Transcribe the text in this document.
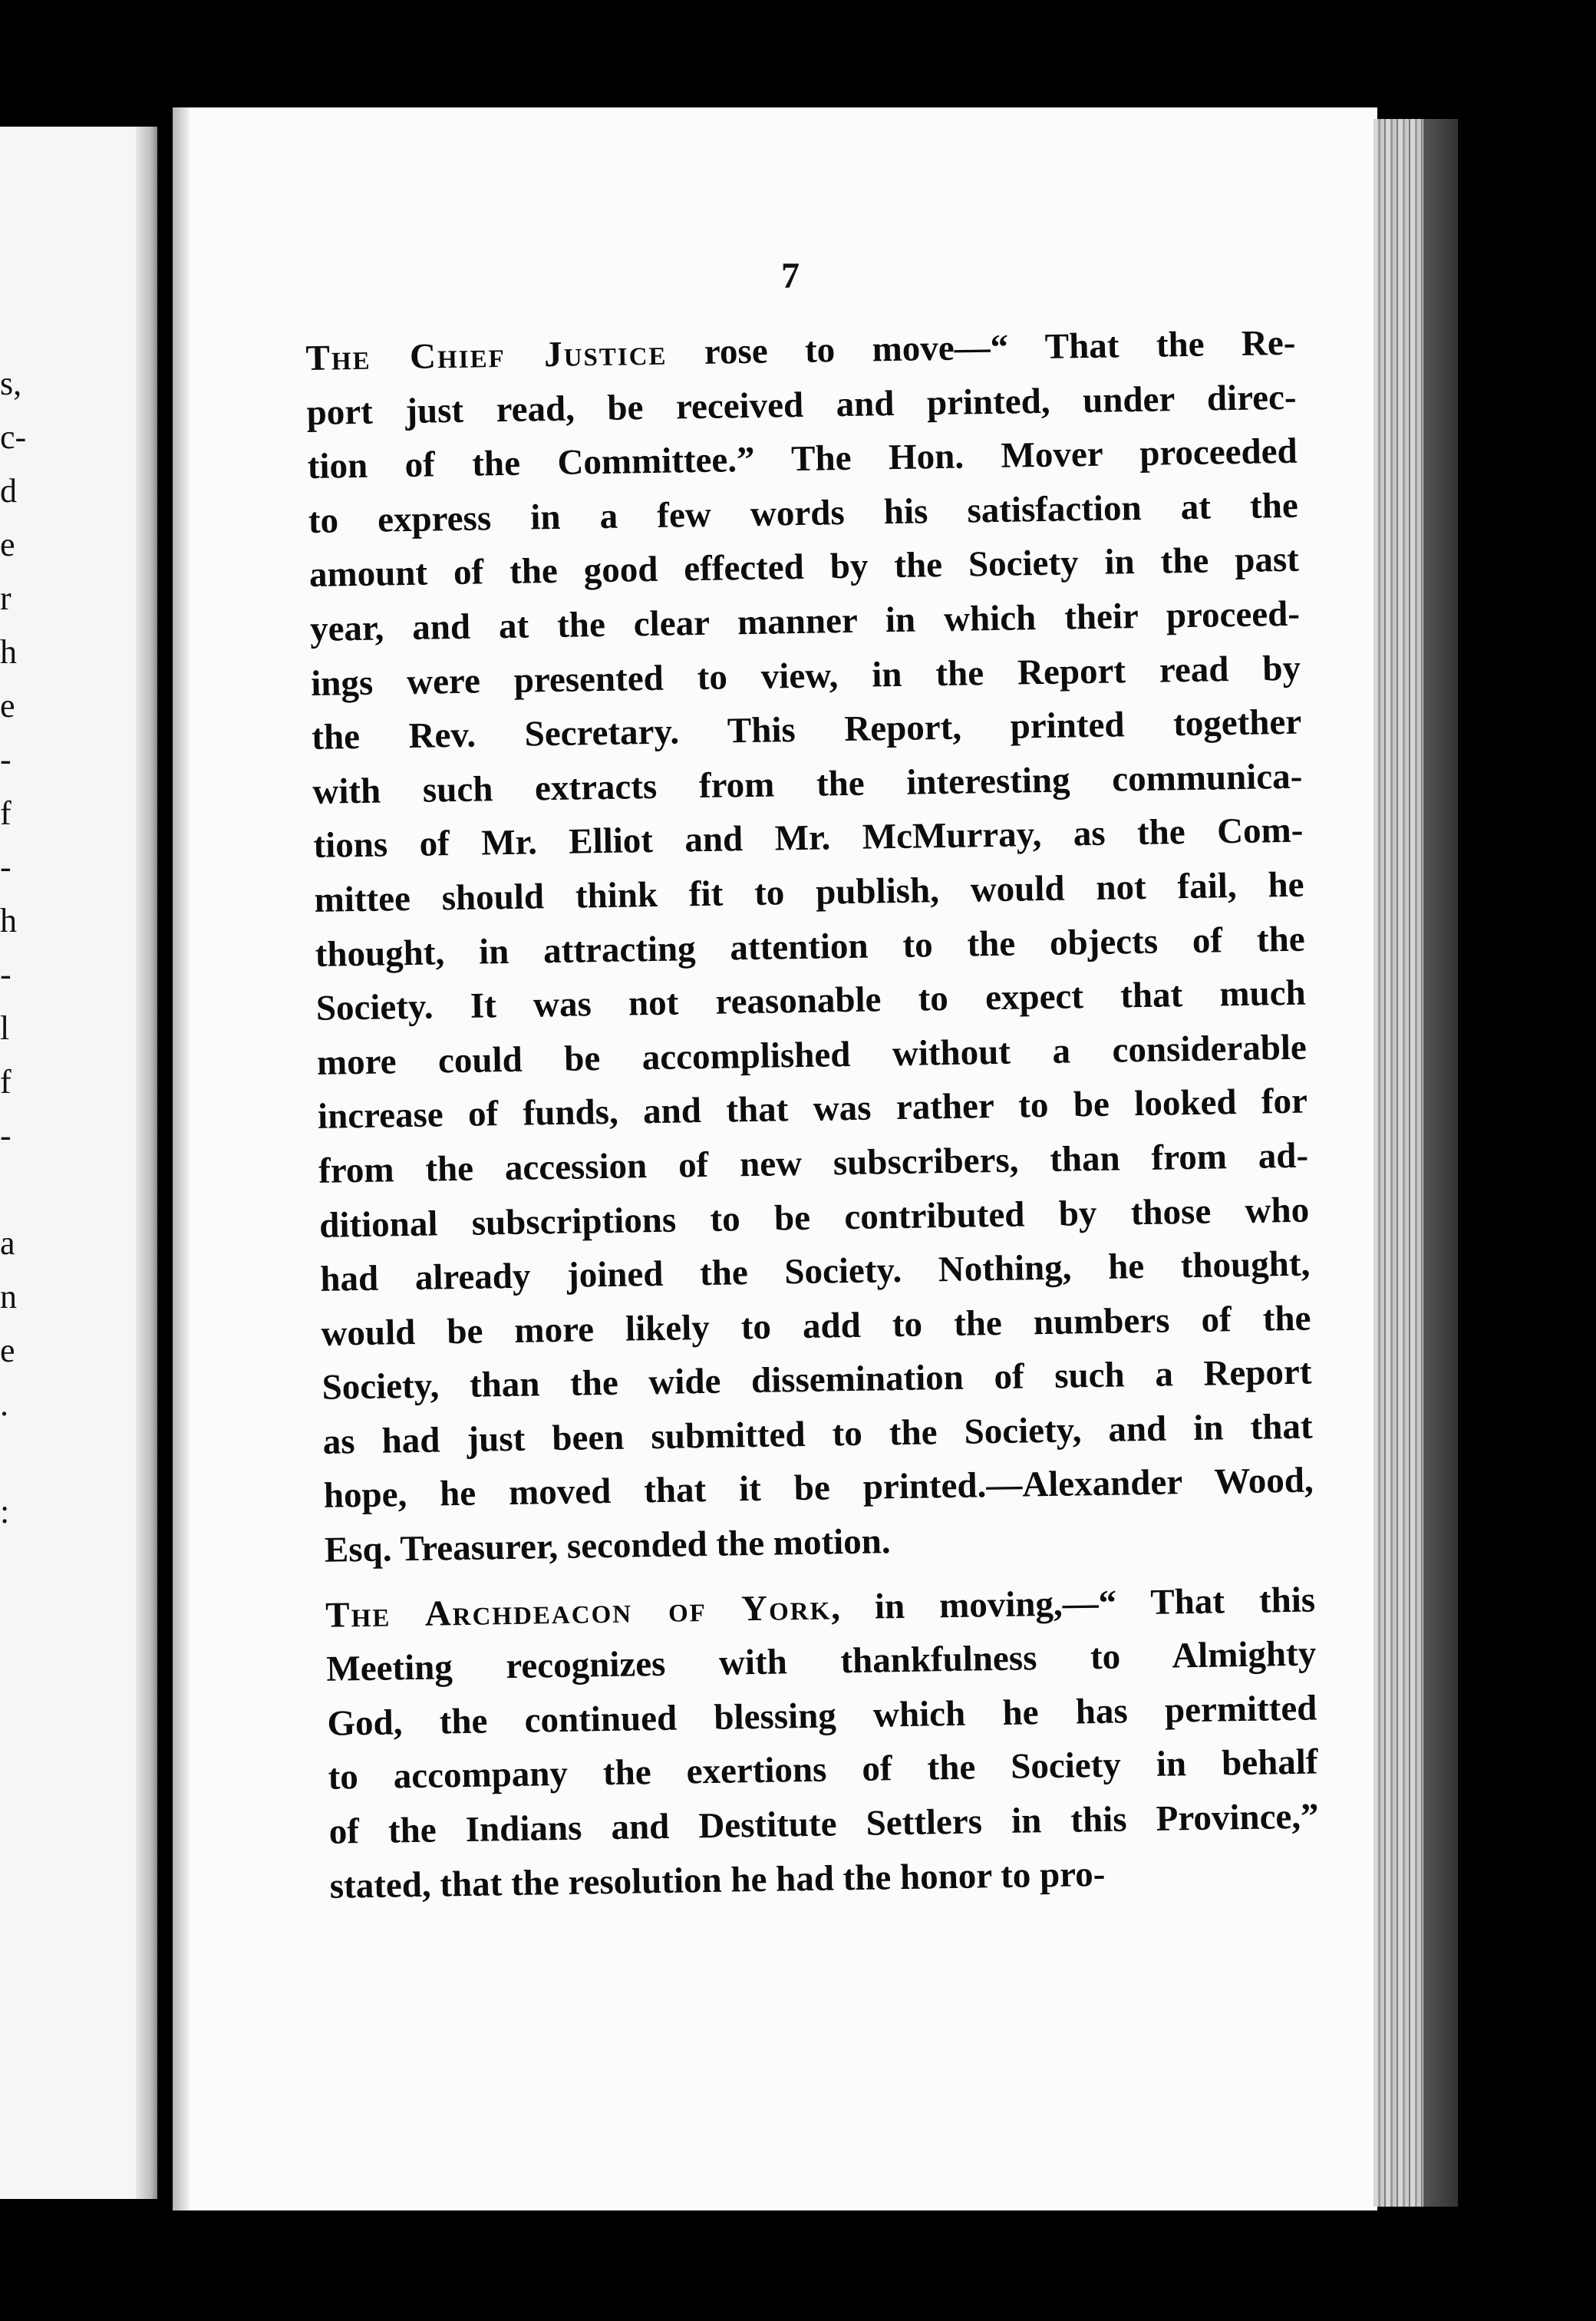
s,
c-
d
e
r
h
e
-
f
-
h
-
l
f
-
a
n
e
.
:
7
The Chief Justice rose to move—“ That the Re-
port just read, be received and printed, under direc-
tion of the Committee.” The Hon. Mover proceeded
to express in a few words his satisfaction at the
amount of the good effected by the Society in the past
year, and at the clear manner in which their proceed-
ings were presented to view, in the Report read by
the Rev. Secretary. This Report, printed together
with such extracts from the interesting communica-
tions of Mr. Elliot and Mr. McMurray, as the Com-
mittee should think fit to publish, would not fail, he
thought, in attracting attention to the objects of the
Society. It was not reasonable to expect that much
more could be accomplished without a considerable
increase of funds, and that was rather to be looked for
from the accession of new subscribers, than from ad-
ditional subscriptions to be contributed by those who
had already joined the Society. Nothing, he thought,
would be more likely to add to the numbers of the
Society, than the wide dissemination of such a Report
as had just been submitted to the Society, and in that
hope, he moved that it be printed.—Alexander Wood,
Esq. Treasurer, seconded the motion.
The Archdeacon of York, in moving,—“ That this
Meeting recognizes with thankfulness to Almighty
God, the continued blessing which he has permitted
to accompany the exertions of the Society in behalf
of the Indians and Destitute Settlers in this Province,”
stated, that the resolution he had the honor to pro-
